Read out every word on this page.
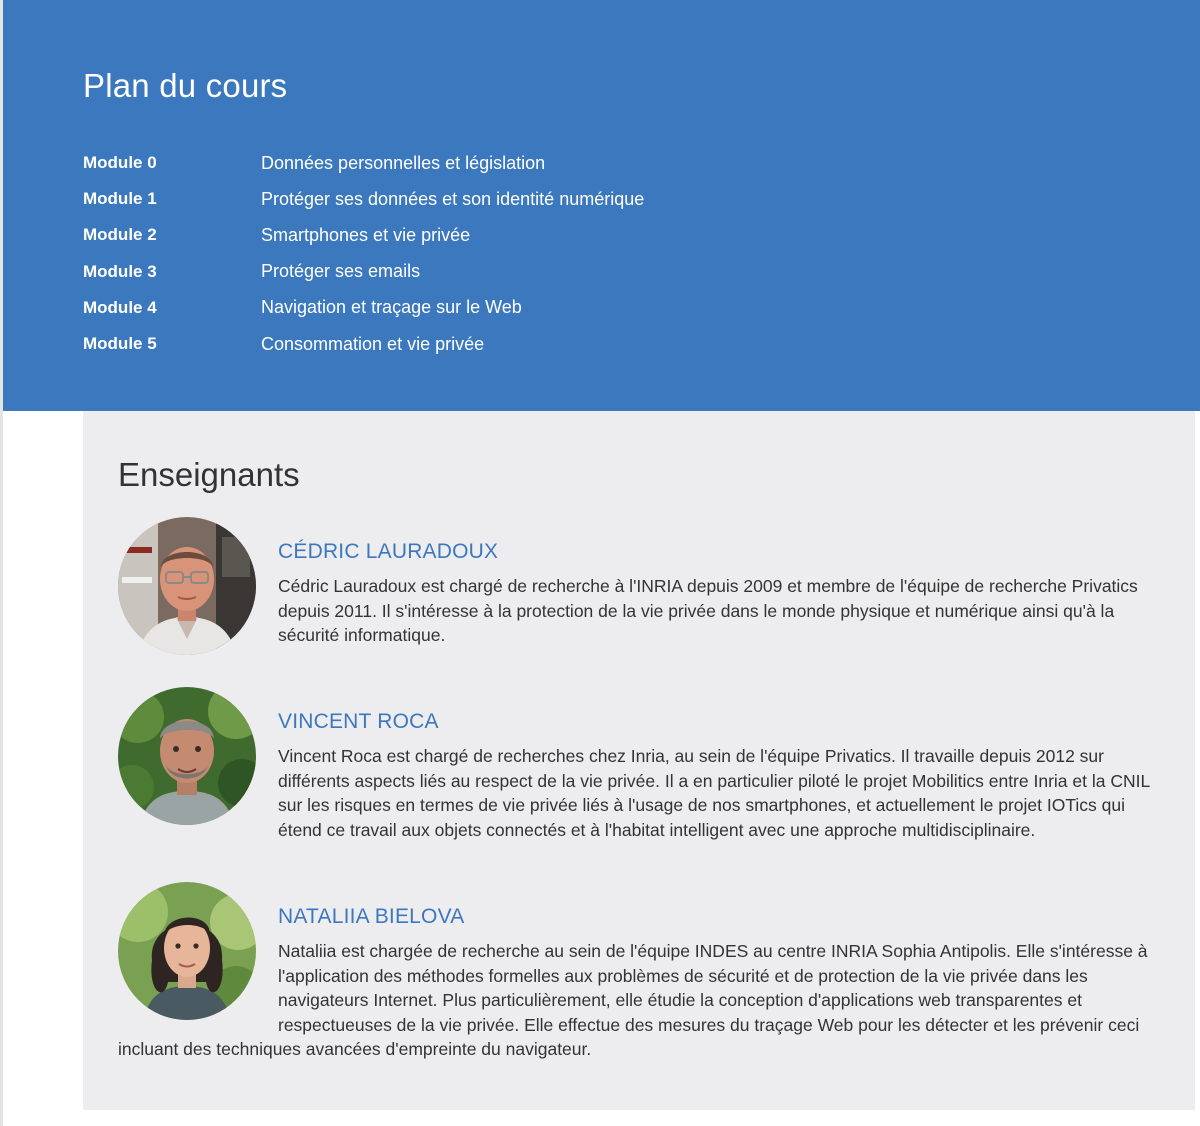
Plan du cours
Module 0	Données personnelles et législation
Module 1	Protéger ses données et son identité numérique
Module 2	Smartphones et vie privée
Module 3	Protéger ses emails
Module 4	Navigation et traçage sur le Web
Module 5	Consommation et vie privée
Enseignants
CÉDRIC LAURADOUX

Cédric Lauradoux est chargé de recherche à l'INRIA depuis 2009 et membre de l'équipe de recherche Privatics depuis 2011. Il s'intéresse à la protection de la vie privée dans le monde physique et numérique ainsi qu'à la sécurité informatique.

VINCENT ROCA

Vincent Roca est chargé de recherches chez Inria, au sein de l'équipe Privatics. Il travaille depuis 2012 sur différents aspects liés au respect de la vie privée. Il a en particulier piloté le projet Mobilitics entre Inria et la CNIL sur les risques en termes de vie privée liés à l'usage de nos smartphones, et actuellement le projet IOTics qui étend ce travail aux objets connectés et à l'habitat intelligent avec une approche multidisciplinaire.

NATALIIA BIELOVA

Nataliia est chargée de recherche au sein de l'équipe INDES au centre INRIA Sophia Antipolis. Elle s'intéresse à l'application des méthodes formelles aux problèmes de sécurité et de protection de la vie privée dans les navigateurs Internet. Plus particulièrement, elle étudie la conception d'applications web transparentes et respectueuses de la vie privée. Elle effectue des mesures du traçage Web pour les détecter et les prévenir ceci incluant des techniques avancées d'empreinte du navigateur.
